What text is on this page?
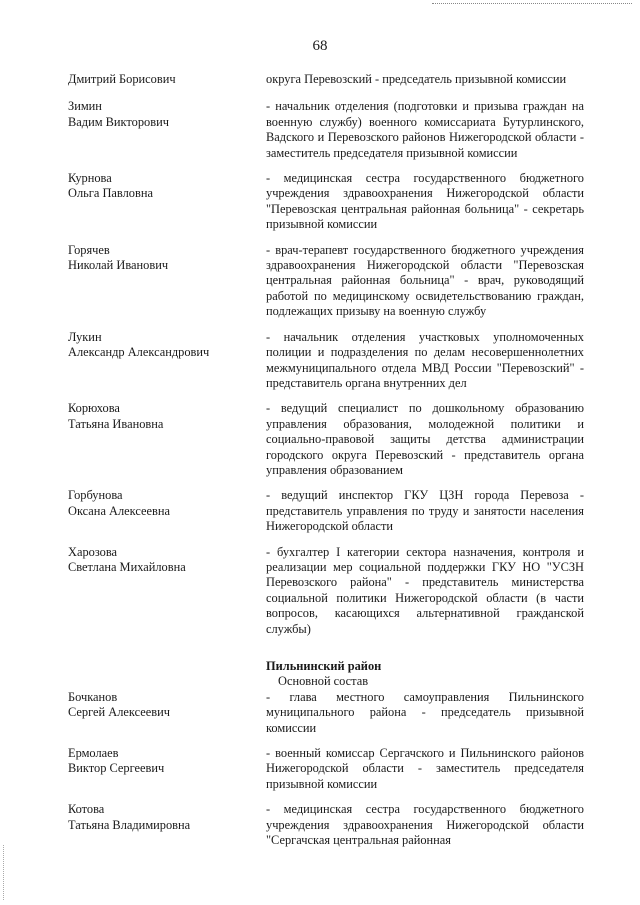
68
Дмитрий Борисович	округа Перевозский - председатель призывной комиссии
Зимин
Вадим Викторович
- начальник отделения (подготовки и призыва граждан на военную службу) военного комиссариата Бутурлинского, Вадского и Перевозского районов Нижегородской области - заместитель председателя призывной комиссии
Курнова
Ольга Павловна
- медицинская сестра государственного бюджетного учреждения здравоохранения Нижегородской области "Перевозская центральная районная больница" - секретарь призывной комиссии
Горячев
Николай Иванович
- врач-терапевт государственного бюджетного учреждения здравоохранения Нижегородской области "Перевозская центральная районная больница" - врач, руководящий работой по медицинскому освидетельствованию граждан, подлежащих призыву на военную службу
Лукин
Александр Александрович
- начальник отделения участковых уполномоченных полиции и подразделения по делам несовершеннолетних межмуниципального отдела МВД России "Перевозский" - представитель органа внутренних дел
Корюхова
Татьяна Ивановна
- ведущий специалист по дошкольному образованию управления образования, молодежной политики и социально-правовой защиты детства администрации городского округа Перевозский - представитель органа управления образованием
Горбунова
Оксана Алексеевна
- ведущий инспектор ГКУ ЦЗН города Перевоза - представитель управления по труду и занятости населения Нижегородской области
Харозова
Светлана Михайловна
- бухгалтер I категории сектора назначения, контроля и реализации мер социальной поддержки ГКУ НО "УСЗН Перевозского района" - представитель министерства социальной политики Нижегородской области (в части вопросов, касающихся альтернативной гражданской службы)
Пильнинский район
Основной состав
Бочканов
Сергей Алексеевич
- глава местного самоуправления Пильнинского муниципального района - председатель призывной комиссии
Ермолаев
Виктор Сергеевич
- военный комиссар Сергачского и Пильнинского районов Нижегородской области - заместитель председателя призывной комиссии
Котова
Татьяна Владимировна
- медицинская сестра государственного бюджетного учреждения здравоохранения Нижегородской области "Сергачская центральная районная
